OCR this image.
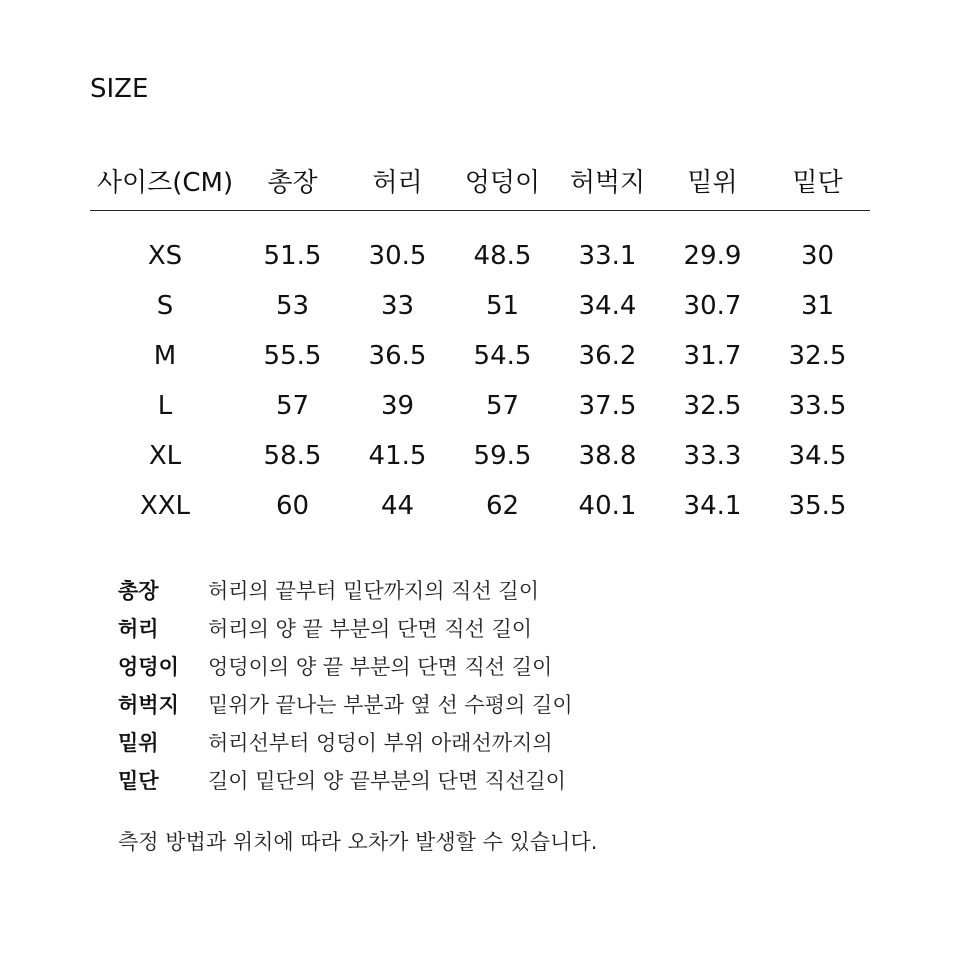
SIZE
사이즈(CM)	총장	허리	엉덩이	허벅지	밑위	밑단
XS	51.5	30.5	48.5	33.1	29.9	30
S	53	33	51	34.4	30.7	31
M	55.5	36.5	54.5	36.2	31.7	32.5
L	57	39	57	37.5	32.5	33.5
XL	58.5	41.5	59.5	38.8	33.3	34.5
XXL	60	44	62	40.1	34.1	35.5
총장	허리의 끝부터 밑단까지의 직선 길이
허리	허리의 양 끝 부분의 단면 직선 길이
엉덩이	엉덩이의 양 끝 부분의 단면 직선 길이
허벅지	밑위가 끝나는 부분과 옆 선 수평의 길이
밑위	허리선부터 엉덩이 부위 아래선까지의
밑단	길이 밑단의 양 끝부분의 단면 직선길이
측정 방법과 위치에 따라 오차가 발생할 수 있습니다.
